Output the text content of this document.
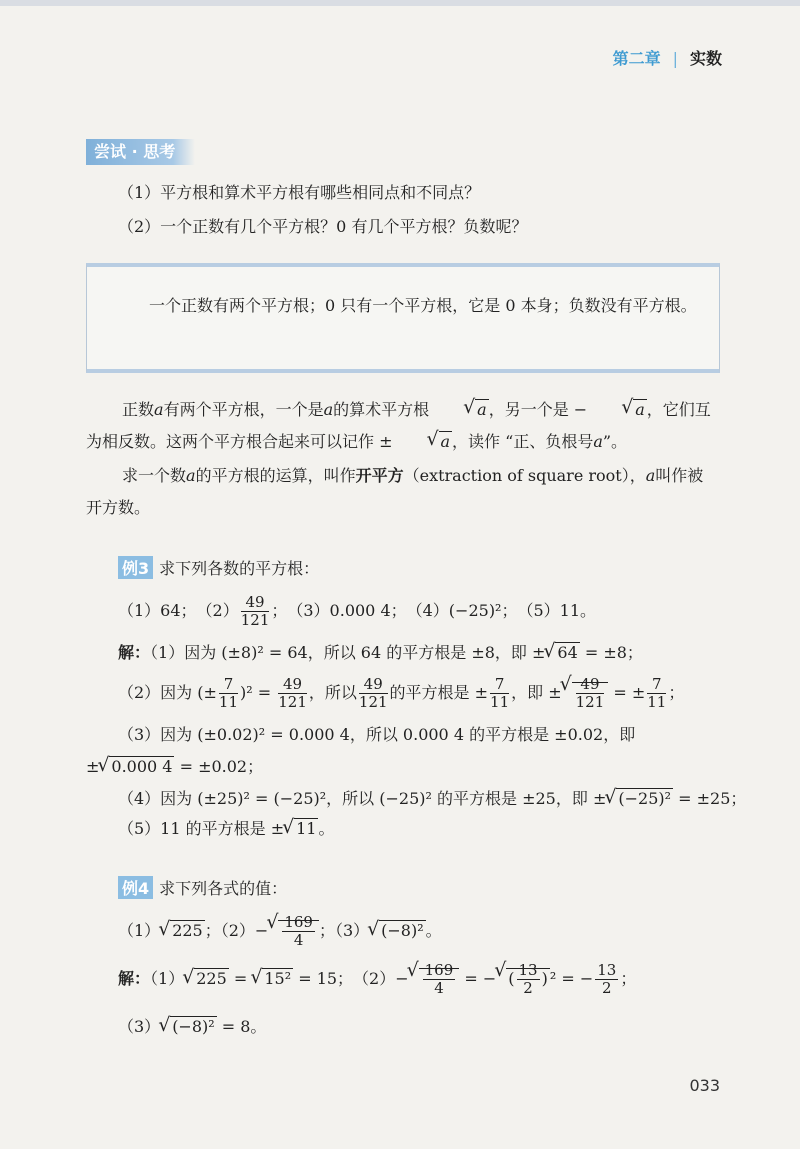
第二章 | 实数
尝试 · 思考
（1）平方根和算术平方根有哪些相同点和不同点？
（2）一个正数有几个平方根？0 有几个平方根？负数呢？
一个正数有两个平方根；0 只有一个平方根，它是 0 本身；负数没有平方根。
正数a有两个平方根，一个是a的算术平方根	√ a ，另一个是 −	√ a ，它们互为相反数。这两个平方根合起来可以记作 ±	√ a ，读作 “正、负根号a”。
求一个数a的平方根的运算，叫作开平方（extraction of square root），a叫作被开方数。
例3 求下列各数的平方根：
（1）64；　$(2) \frac{49}{121}$ ；　（3）0.000 4；　（4）(−25)²；　（5）11。
解：（1）因为 (±8)² = 64，所以 64 的平方根是 ±8，即 ± √ 64 = ±8；
（2）因为 (± $\frac{7}{11} )^2 = \frac{49}{121}$ ，所以 $\frac{49}{121}$ 的平方根是 ± $\frac{7}{11}$ ，即 ± √ $\frac{49}{121}$ = ± $\frac{7}{11}$ ；
（3）因为 (±0.02)² = 0.000 4，所以 0.000 4 的平方根是 ±0.02，即
± √ 0.000 4 = ±0.02；
（4）因为 (±25)² = (−25)²，所以 (−25)² 的平方根是 ±25，即 ± √ (−25)² = ±25；
（5）11 的平方根是 ± √ 11 。
例4 求下列各式的值：
（1） √ 225 ；（2）− √ $\frac{169}{4}$ ；（3） √ (−8)² 。
解：（1） √ 225 = √ 15² = 15；　（2）− √ $\frac{169}{4}$ = − √ ( $\frac{13}{2}$ ) ² = − $\frac{13}{2}$ ；
（3） √ (−8)² = 8。
033
